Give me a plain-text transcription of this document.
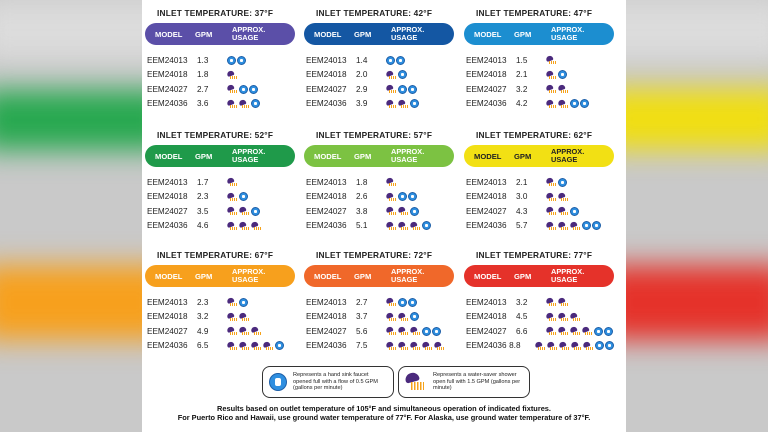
INLET TEMPERATURE: 37°F
MODEL	GPM	APPROX.
USAGE
EEM24013	1.3
EEM24018	1.8
EEM24027	2.7
EEM24036	3.6
INLET TEMPERATURE: 42°F
MODEL	GPM	APPROX.
USAGE
EEM24013	1.4
EEM24018	2.0
EEM24027	2.9
EEM24036	3.9
INLET TEMPERATURE: 47°F
MODEL	GPM	APPROX.
USAGE
EEM24013	1.5
EEM24018	2.1
EEM24027	3.2
EEM24036	4.2
INLET TEMPERATURE: 52°F
MODEL	GPM	APPROX.
USAGE
EEM24013	1.7
EEM24018	2.3
EEM24027	3.5
EEM24036	4.6
INLET TEMPERATURE: 57°F
MODEL	GPM	APPROX.
USAGE
EEM24013	1.8
EEM24018	2.6
EEM24027	3.8
EEM24036	5.1
INLET TEMPERATURE: 62°F
MODEL	GPM	APPROX.
USAGE
EEM24013	2.1
EEM24018	3.0
EEM24027	4.3
EEM24036	5.7
INLET TEMPERATURE: 67°F
MODEL	GPM	APPROX.
USAGE
EEM24013	2.3
EEM24018	3.2
EEM24027	4.9
EEM24036	6.5
INLET TEMPERATURE: 72°F
MODEL	GPM	APPROX.
USAGE
EEM24013	2.7
EEM24018	3.7
EEM24027	5.6
EEM24036	7.5
INLET TEMPERATURE: 77°F
MODEL	GPM	APPROX.
USAGE
EEM24013	3.2
EEM24018	4.5
EEM24027	6.6
EEM24036 8.8
Represents a hand sink faucet opened full with a flow of 0.5 GPM (gallons per minute)
Represents a water-saver shower open full with 1.5 GPM (gallons per minute)
Results based on outlet temperature of 105°F and simultaneous operation of indicated fixtures.
For Puerto Rico and Hawaii, use ground water temperature of 77°F. For Alaska, use ground water temperature of 37°F.
